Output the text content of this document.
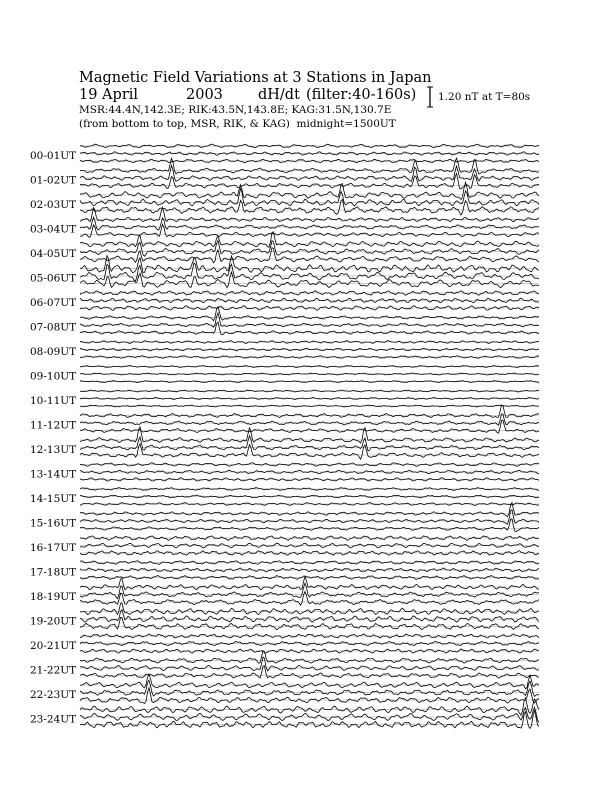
Magnetic Field Variations at 3 Stations in Japan
19 April	2003 dH/dt (filter:40-160s)
MSR:44.4N,142.3E; RIK:43.5N,143.8E; KAG:31.5N,130.7E
(from bottom to top, MSR, RIK, & KAG) midnight=1500UT
1.20 nT at T=80s
00-01UT
01-02UT
02-03UT
03-04UT
04-05UT
05-06UT
06-07UT
07-08UT
08-09UT
09-10UT
10-11UT
11-12UT
12-13UT
13-14UT
14-15UT
15-16UT
16-17UT
17-18UT
18-19UT
19-20UT
20-21UT
21-22UT
22-23UT
23-24UT
